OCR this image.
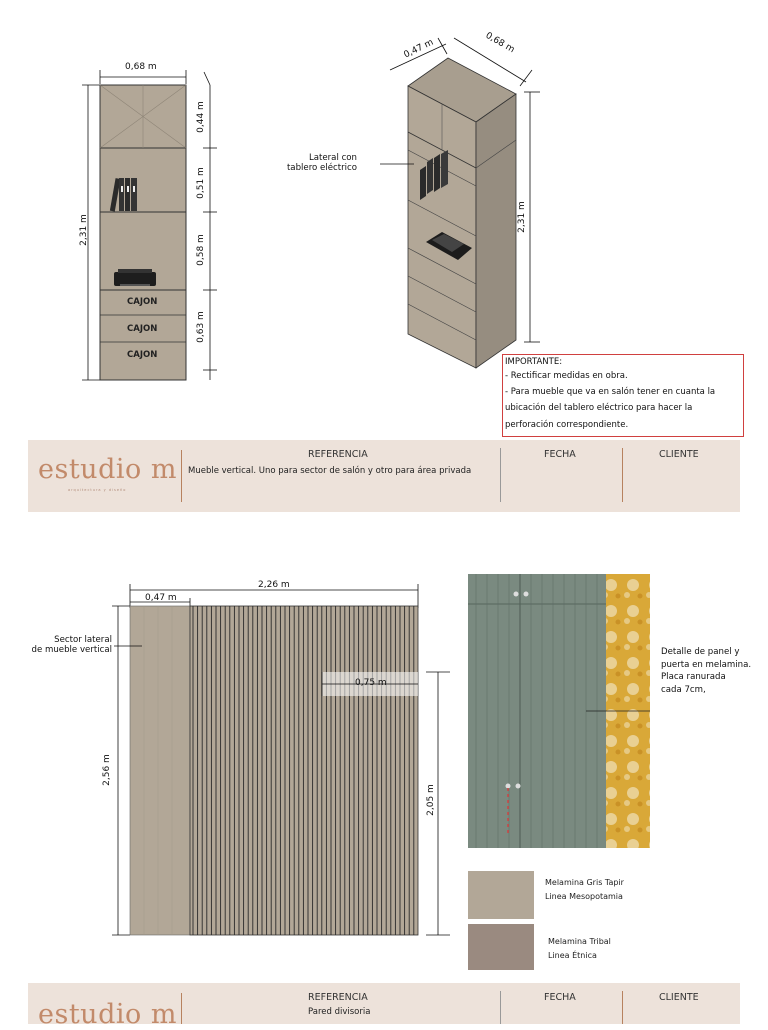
0,68 m
2,31 m
0,44 m
0,51 m
0,58 m
0,63 m
CAJON
CAJON
CAJON
0,47 m	0,68 m
2,31 m
Lateral con
tablero eléctrico
IMPORTANTE:
- Rectificar medidas en obra.
- Para mueble que va en salón tener en cuanta la
ubicación del tablero eléctrico para hacer la
perforación correspondiente.
estudio m
arquitectura y diseño
REFERENCIA
Mueble vertical. Uno para sector de salón y otro para área privada
FECHA	CLIENTE
2,26 m
0,47 m
2,56 m
2,05 m
0,75 m
Sector lateral
de mueble vertical	Detalle de panel y
puerta en melamina.
Placa ranurada
cada 7cm,
Melamina Gris Tapir
Linea Mesopotamia
Melamina Tribal
Linea Étnica
estudio m
REFERENCIA
Pared divisoria
FECHA	CLIENTE
